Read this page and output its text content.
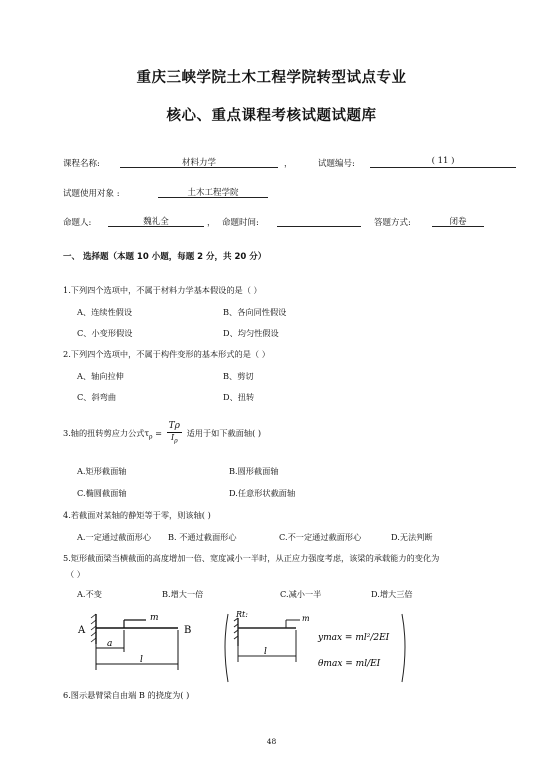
重庆三峡学院土木工程学院转型试点专业
核心、重点课程考核试题试题库
课程名称:	材料力学	，	试题编号:	( 11 )
试题使用对象 :	土木工程学院
命题人:	魏礼全	， 命题时间:	答题方式:	闭卷
一、 选择题（本题 10 小题，每题 2 分，共 20 分）
1.下列四个选项中，不属于材料力学基本假设的是（ ）
A、连续性假设	B、各向同性假设
C、小变形假设	D、均匀性假设
2.下列四个选项中，不属于构件变形的基本形式的是（ ）
A、轴向拉伸	B、剪切
C、斜弯曲	D、扭转
3.轴的扭转剪应力公式$\tau_\rho = \frac{T\rho}{I_\rho}$ 适用于如下截面轴( )
A.矩形截面轴	B.圆形截面轴
C.椭圆截面轴	D.任意形状截面轴
4.若截面对某轴的静矩等于零，则该轴( )
A.一定通过截面形心 B. 不通过截面形心	C.不一定通过截面形心	D.无法判断
5.矩形截面梁当横截面的高度增加一倍、宽度减小一半时，从正应力强度考虑，该梁的承载能力的变化为
（ ）
A.不变	B.增大一倍	C.减小一半	D.增大三倍
A	B
m
a
l
Rt:	m
l
ymax = ml²/2EI
θmax = ml/EI
6.图示悬臂梁自由端 B 的挠度为( )
48
